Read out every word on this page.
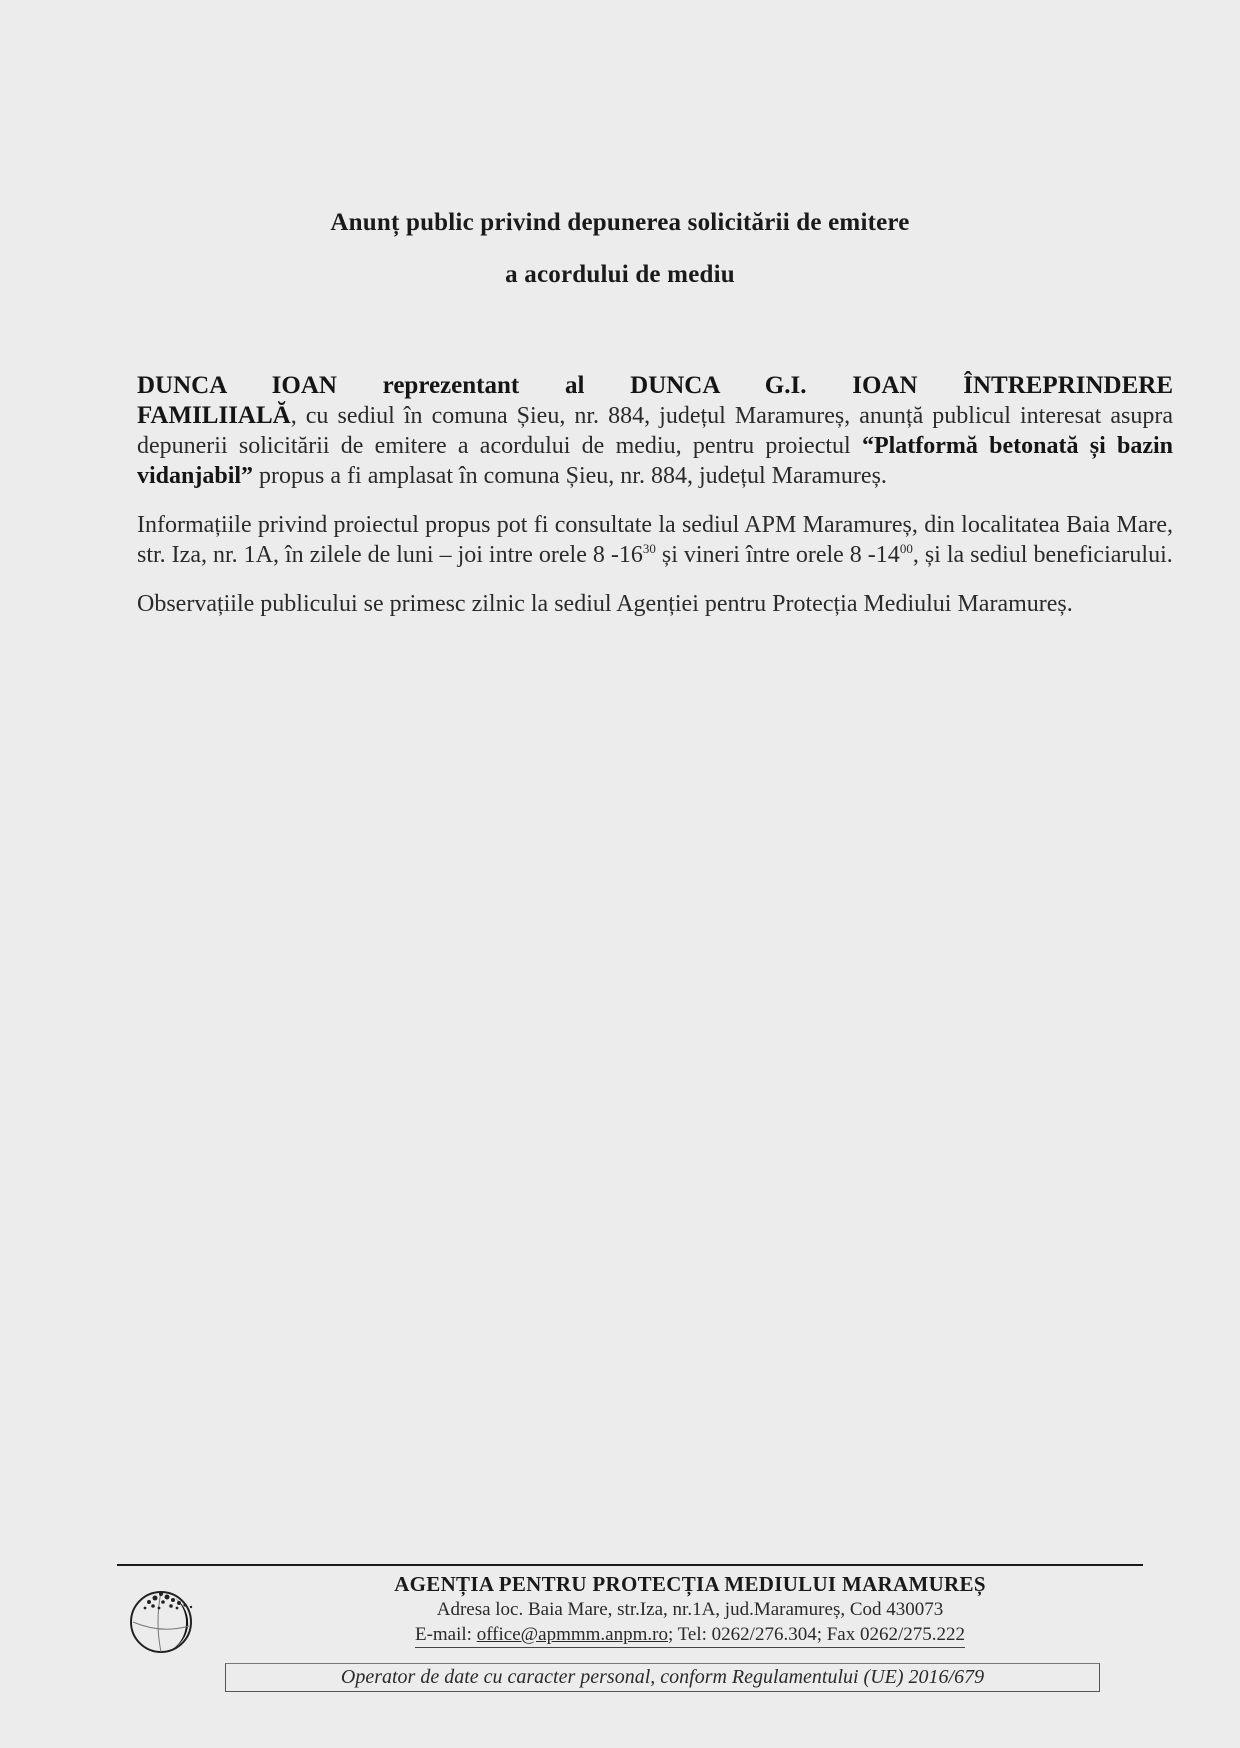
Anunț public privind depunerea solicitării de emitere

a acordului de mediu

DUNCA IOAN reprezentant al DUNCA G.I. IOAN ÎNTREPRINDERE
FAMILIIALĂ, cu sediul în comuna Șieu, nr. 884, județul Maramureș, anunță publicul interesat asupra depunerii solicitării de emitere a acordului de mediu, pentru proiectul “Platformă betonată și bazin vidanjabil” propus a fi amplasat în comuna Șieu, nr. 884, județul Maramureș.

Informațiile privind proiectul propus pot fi consultate la sediul APM Maramureș, din localitatea Baia Mare, str. Iza, nr. 1A, în zilele de luni – joi intre orele 8 $-16^{30}$ și vineri între orele 8 $-14^{00}$, și la sediul beneficiarului.

Observațiile publicului se primesc zilnic la sediul Agenției pentru Protecția Mediului Maramureș.

AGENȚIA PENTRU PROTECȚIA MEDIULUI MARAMUREȘ
Adresa loc. Baia Mare, str.Iza, nr.1A, jud.Maramureș, Cod 430073
E-mail: office@apmmm.anpm.ro; Tel: 0262/276.304; Fax 0262/275.222
Operator de date cu caracter personal, conform Regulamentului (UE) 2016/679
